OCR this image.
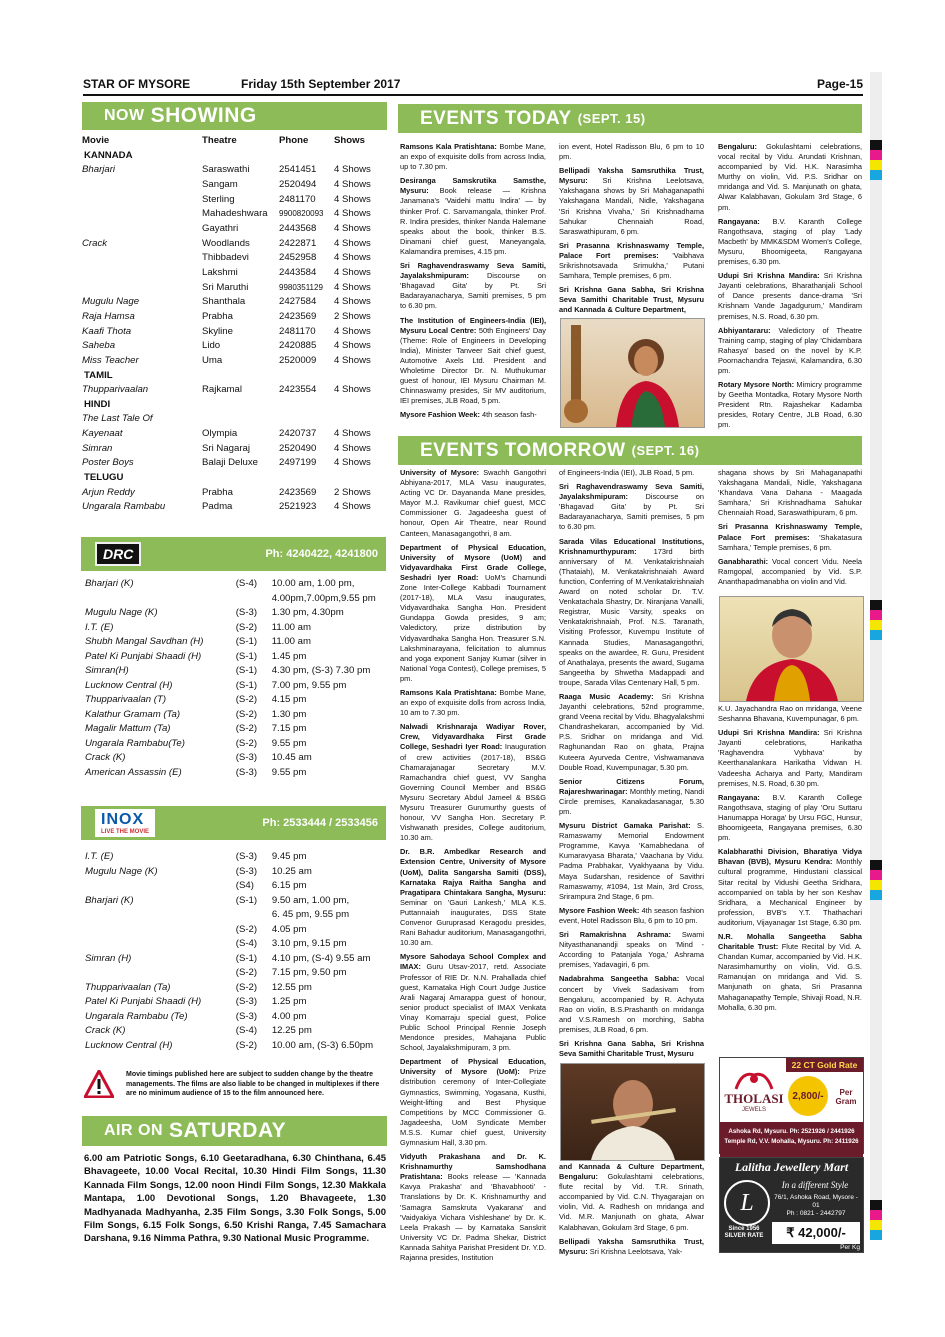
STAR OF MYSORE	Friday 15th September 2017	Page-15
NOW SHOWING
Movie	Theatre	Phone	Shows
KANNADA			
Bharjari	Saraswathi	2541451	4 Shows
	Sangam	2520494	4 Shows
	Sterling	2481170	4 Shows
	Mahadeshwara	9900820093	4 Shows
	Gayathri	2443568	4 Shows
Crack	Woodlands	2422871	4 Shows
	Thibbadevi	2452958	4 Shows
	Lakshmi	2443584	4 Shows
	Sri Maruthi	9980351129	4 Shows
Mugulu Nage	Shanthala	2427584	4 Shows
Raja Hamsa	Prabha	2423569	2 Shows
Kaafi Thota	Skyline	2481170	4 Shows
Saheba	Lido	2420885	4 Shows
Miss Teacher	Uma	2520009	4 Shows
TAMIL			
Thupparivaalan	Rajkamal	2423554	4 Shows
HINDI			
The Last Tale Of			
Kayenaat	Olympia	2420737	4 Shows
Simran	Sri Nagaraj	2520490	4 Shows
Poster Boys	Balaji Deluxe	2497199	4 Shows
TELUGU			
Arjun Reddy	Prabha	2423569	2 Shows
Ungarala Rambabu	Padma	2521923	4 Shows
DRC	Ph: 4240422, 4241800
Bharjari (K)	(S-4)	10.00 am, 1.00 pm,
		4.00pm,7.00pm,9.55 pm
Mugulu Nage (K)	(S-3)	1.30 pm, 4.30pm
I.T. (E)	(S-2)	11.00 am
Shubh Mangal Savdhan (H)	(S-1)	11.00 am
Patel Ki Punjabi Shaadi (H)	(S-1)	1.45 pm
Simran(H)	(S-1)	4.30 pm, (S-3) 7.30 pm
Lucknow Central (H)	(S-1)	7.00 pm, 9.55 pm
Thupparivaalan (T)	(S-2)	4.15 pm
Kalathur Gramam (Ta)	(S-2)	1.30 pm
Magalir Mattum (Ta)	(S-2)	7.15 pm
Ungarala Rambabu(Te)	(S-2)	9.55 pm
Crack (K)	(S-3)	10.45 am
American Assassin (E)	(S-3)	9.55 pm
INOX
LIVE THE MOVIE
Ph: 2533444 / 2533456
I.T. (E)	(S-3)	9.45 pm
Mugulu Nage (K)	(S-3)	10.25 am
	(S4)	6.15 pm
Bharjari (K)	(S-1)	9.50 am, 1.00 pm,
		6. 45 pm, 9.55 pm
	(S-2)	4.05 pm
	(S-4)	3.10 pm, 9.15 pm
Simran (H)	(S-1)	4.10 pm, (S-4) 9.55 am
	(S-2)	7.15 pm, 9.50 pm
Thupparivaalan (Ta)	(S-2)	12.55 pm
Patel Ki Punjabi Shaadi (H)	(S-3)	1.25 pm
Ungarala Rambabu (Te)	(S-3)	4.00 pm
Crack (K)	(S-4)	12.25 pm
Lucknow Central (H)	(S-2)	10.00 am, (S-3) 6.50pm
Movie timings published here are subject to sudden change by the theatre managements. The films are also liable to be changed in multiplexes if there are no minimum audience of 15 to the film announced here.
AIR ON SATURDAY
6.00 am Patriotic Songs, 6.10 Geetaradhana, 6.30 Chinthana, 6.45 Bhavageete, 10.00 Vocal Recital, 10.30 Hindi Film Songs, 11.30 Kannada Film Songs, 12.00 noon Hindi Film Songs, 12.30 Makkala Mantapa, 1.00 Devotional Songs, 1.20 Bhavageete, 1.30 Madhyanada Madhyanha, 2.35 Film Songs, 3.30 Folk Songs, 5.00 Film Songs, 6.15 Folk Songs, 6.50 Krishi Ranga, 7.45 Samachara Darshana, 9.16 Nimma Pathra, 9.30 National Music Programme.
EVENTS TODAY (SEPT. 15)

Ramsons Kala Pratishtana: Bombe Mane, an expo of exquisite dolls from across India, up to 7.30 pm.

Desiranga Samskrutika Samsthe, Mysuru: Book release — Krishna Janamana's 'Vaidehi mattu Indira' — by thinker Prof. C. Sarvamangala, thinker Prof. R. Indira presides, thinker Nanda Halemane speaks about the book, thinker B.S. Dinamani chief guest, Maneyangala, Kalamandira premises, 4.15 pm.

Sri Raghavendraswamy Seva Samiti, Jayalakshmipuram: Discourse on 'Bhagavad Gita' by Pt. Sri Badarayanacharya, Samiti premises, 5 pm to 6.30 pm.

The Institution of Engineers-India (IEI), Mysuru Local Centre: 50th Engineers' Day (Theme: Role of Engineers in Developing India), Minister Tanveer Sait chief guest, Automotive Axels Ltd. President and Wholetime Director Dr. N. Muthukumar guest of honour, IEI Mysuru Chairman M. Chinnaswamy presides, Sir MV auditorium, IEI premises, JLB Road, 5 pm.

Mysore Fashion Week: 4th season fash-

ion event, Hotel Radisson Blu, 6 pm to 10 pm.

Bellipadi Yaksha Samsruthika Trust, Mysuru: Sri Krishna Leelotsava, Yakshagana shows by Sri Mahaganapathi Yakshagana Mandali, Nidle, Yakshagana 'Sri Krishna Vivaha,' Sri Krishnadhama Sahukar Chennaiah Road, Saraswathipuram, 6 pm.

Sri Prasanna Krishnaswamy Temple, Palace Fort premises: 'Vaibhava Srikrishnotsavada Srimukha,' Putani Samhara, Temple premises, 6 pm.

Sri Krishna Gana Sabha, Sri Krishna Seva Samithi Charitable Trust, Mysuru and Kannada & Culture Department,

Bengaluru: Gokulashtami celebrations, vocal recital by Vidu. Arundati Krishnan, accompanied by Vid. H.K. Narasimha Murthy on violin, Vid. P.S. Sridhar on mridanga and Vid. S. Manjunath on ghata, Alwar Kalabhavan, Gokulam 3rd Stage, 6 pm.

Rangayana: B.V. Karanth College Rangothsava, staging of play 'Lady Macbeth' by MMK&SDM Women's College, Mysuru, Bhoomigeeta, Rangayana premises, 6.30 pm.

Udupi Sri Krishna Mandira: Sri Krishna Jayanti celebrations, Bharathanjali School of Dance presents dance-drama 'Sri Krishnam Vande Jagadgurum,' Mandiram premises, N.S. Road, 6.30 pm.

Abhiyantararu: Valedictory of Theatre Training camp, staging of play 'Chidambara Rahasya' based on the novel by K.P. Poornachandra Tejaswi, Kalamandira, 6.30 pm.

Rotary Mysore North: Mimicry programme by Geetha Montadka, Rotary Mysore North President Rtn. Rajashekar Kadamba presides, Rotary Centre, JLB Road, 6.30 pm.

EVENTS TOMORROW (SEPT. 16)

University of Mysore: Swachh Gangothri Abhiyana-2017, MLA Vasu inaugurates, Acting VC Dr. Dayananda Mane presides, Mayor M.J. Ravikumar chief guest, MCC Commissioner G. Jagadeesha guest of honour, Open Air Theatre, near Round Canteen, Manasagangothri, 8 am.

Department of Physical Education, University of Mysore (UoM) and Vidyavardhaka First Grade College, Seshadri Iyer Road: UoM's Chamundi Zone Inter-College Kabbadi Tournament (2017-18), MLA Vasu inaugurates, Vidyavardhaka Sangha Hon. President Gundappa Gowda presides, 9 am; Valedictory, prize distribution by Vidyavardhaka Sangha Hon. Treasurer S.N. Lakshminarayana, felicitation to alumnus and yoga exponent Sanjay Kumar (silver in National Yoga Contest), College premises, 5 pm.

Ramsons Kala Pratishtana: Bombe Mane, an expo of exquisite dolls from across India, 10 am to 7.30 pm.

Nalwadi Krishnaraja Wadiyar Rover, Crew, Vidyavardhaka First Grade College, Seshadri Iyer Road: Inauguration of crew activities (2017-18), BS&G Chamarajanagar Secretary M.V. Ramachandra chief guest, VV Sangha Governing Council Member and BS&G Mysuru Secretary Abdul Jameel & BS&G Mysuru Treasurer Gurumurthy guests of honour, VV Sangha Hon. Secretary P. Vishwanath presides, College auditorium, 10.30 am.

Dr. B.R. Ambedkar Research and Extension Centre, University of Mysore (UoM), Dalita Sangarsha Samiti (DSS), Karnataka Rajya Raitha Sangha and Pragatipara Chintakara Sangha, Mysuru: Seminar on 'Gauri Lankesh,' MLA K.S. Puttannaiah inaugurates, DSS State Convenor Guruprasad Keragodu presides, Rani Bahadur auditorium, Manasagangothri, 10.30 am.

Mysore Sahodaya School Complex and IMAX: Guru Utsav-2017, retd. Associate Professor of RIE Dr. N.N. Prahallada chief guest, Karnataka High Court Judge Justice Arali Nagaraj Amarappa guest of honour, senior product specialist of IMAX Venkata Vinay Komarraju special guest, Police Public School Principal Rennie Joseph Mendonce presides, Mahajana Public School, Jayalakshmipuram, 3 pm.

Department of Physical Education, University of Mysore (UoM): Prize distribution ceremony of Inter-Collegiate Gymnastics, Swimming, Yogasana, Kusthi, Weight-lifting and Best Physique Competitions by MCC Commissioner G. Jagadeesha, UoM Syndicate Member M.S.S. Kumar chief guest, University Gymnasium Hall, 3.30 pm.

Vidyuth Prakashana and Dr. K. Krishnamurthy Samshodhana Pratishtana: Books release — 'Kannada Kavya Prakasha' and 'Bhavabhooti' - Translations by Dr. K. Krishnamurthy and 'Samagra Samskruta Vyakarana' and 'Vaidyakiya Vichara Vishleshane' by Dr. K. Leela Prakash — by Karnataka Sanskrit University VC Dr. Padma Shekar, District Kannada Sahitya Parishat President Dr. Y.D. Rajanna presides, Institution

of Engineers-India (IEI), JLB Road, 5 pm.

Sri Raghavendraswamy Seva Samiti, Jayalakshmipuram: Discourse on 'Bhagavad Gita' by Pt. Sri Badarayanacharya, Samiti premises, 5 pm to 6.30 pm.

Sarada Vilas Educational Institutions, Krishnamurthypuram: 173rd birth anniversary of M. Venkatakrishnaiah (Thataiah), M. Venkatakrishnaiah Award function, Conferring of M.Venkatakrishnaiah Award on noted scholar Dr. T.V. Venkatachala Shastry, Dr. Niranjana Vanalli, Registrar, Music Varsity, speaks on Venkatakrishnaiah, Prof. N.S. Taranath, Visiting Professor, Kuvempu Institute of Kannada Studies, Manasagangothri, speaks on the awardee, R. Guru, President of Anathalaya, presents the award, Sugama Sangeetha by Shwetha Madappadi and troupe, Sarada Vilas Centenary Hall, 5 pm.

Raaga Music Academy: Sri Krishna Jayanthi celebrations, 52nd programme, grand Veena recital by Vidu. Bhagyalakshmi Chandrashekaran, accompanied by Vid. P.S. Sridhar on mridanga and Vid. Raghunandan Rao on ghata, Prajna Kuteera Ayurveda Centre, Vishwamanava Double Road, Kuvempunagar, 5.30 pm.

Senior Citizens Forum, Rajareshwarinagar: Monthly meting, Nandi Circle premises, Kanakadasanagar, 5.30 pm.

Mysuru District Gamaka Parishat: S. Ramaswamy Memorial Endowment Programme, Kavya 'Kamabhedana of Kumaravyasa Bharata,' Vaachana by Vidu. Padma Prabhakar, Vyakhyaana by Vidu. Maya Sudarshan, residence of Savithri Ramaswamy, #1094, 1st Main, 3rd Cross, Srirampura 2nd Stage, 6 pm.

Mysore Fashion Week: 4th season fashion event, Hotel Radisson Blu, 6 pm to 10 pm.

Sri Ramakrishna Ashrama: Swami Nityasthananandji speaks on 'Mind - According to Patanjala Yoga,' Ashrama premises, Yadavagiri, 6 pm.

Nadabrahma Sangeetha Sabha: Vocal concert by Vivek Sadasivam from Bengaluru, accompanied by R. Achyuta Rao on violin, B.S.Prashanth on mridanga and V.S.Ramesh on morching, Sabha premises, JLB Road, 6 pm.

Sri Krishna Gana Sabha, Sri Krishna Seva Samithi Charitable Trust, Mysuru

and Kannada & Culture Department, Bengaluru: Gokulashtami celebrations, flute recital by Vid. T.R. Srinath, accompanied by Vid. C.N. Thyagarajan on violin, Vid. A. Radhesh on mridanga and Vid. M.R. Manjunath on ghata, Alwar Kalabhavan, Gokulam 3rd Stage, 6 pm.

Bellipadi Yaksha Samsruthika Trust, Mysuru: Sri Krishna Leelotsava, Yak-

shagana shows by Sri Mahaganapathi Yakshagana Mandali, Nidle, Yakshagana 'Khandava Vana Dahana - Maagada Samhara,' Sri Krishnadhama Sahukar Chennaiah Road, Saraswathipuram, 6 pm.

Sri Prasanna Krishnaswamy Temple, Palace Fort premises: 'Shakatasura Samhara,' Temple premises, 6 pm.

Ganabharathi: Vocal concert Vidu. Neela Ramgopal, accompanied by Vid. S.P. Ananthapadmanabha on violin and Vid.

K.U. Jayachandra Rao on mridanga, Veene Seshanna Bhavana, Kuvempunagar, 6 pm.

Udupi Sri Krishna Mandira: Sri Krishna Jayanti celebrations, Harikatha 'Raghavendra Vybhava' by Keerthanalankara Harikatha Vidwan H. Vadeesha Acharya and Party, Mandiram premises, N.S. Road, 6.30 pm.

Rangayana: B.V. Karanth College Rangothsava, staging of play 'Oru Suttaru Hanumappa Horaga' by Ursu FGC, Hunsur, Bhoomigeeta, Rangayana premises, 6.30 pm.

Kalabharathi Division, Bharatiya Vidya Bhavan (BVB), Mysuru Kendra: Monthly cultural programme, Hindustani classical Sitar recital by Vidushi Geetha Sridhara, accompanied on tabla by her son Keshav Sridhara, a Mechanical Engineer by profession, BVB's Y.T. Thathachari auditorium, Vijayanagar 1st Stage, 6.30 pm.

N.R. Mohalla Sangeetha Sabha Charitable Trust: Flute Recital by Vid. A. Chandan Kumar, accompanied by Vid. H.K. Narasimhamurthy on violin, Vid. G.S. Ramanujan on mridanga and Vid. S. Manjunath on ghata, Sri Prasanna Mahaganapathy Temple, Shivaji Road, N.R. Mohalla, 6.30 pm.

22 CT Gold Rate
THOLASI
JEWELS
2,800/-	Per Gram
Ashoka Rd, Mysuru. Ph: 2521926 / 2441926
Temple Rd, V.V. Mohalla, Mysuru. Ph: 2411926
Lalitha Jewellery Mart
L
In a different Style
76/1, Ashoka Road, Mysore - 01
Ph : 0821 - 2442797
Since 1956
SILVER RATE	₹ 42,000/-
Per Kg
